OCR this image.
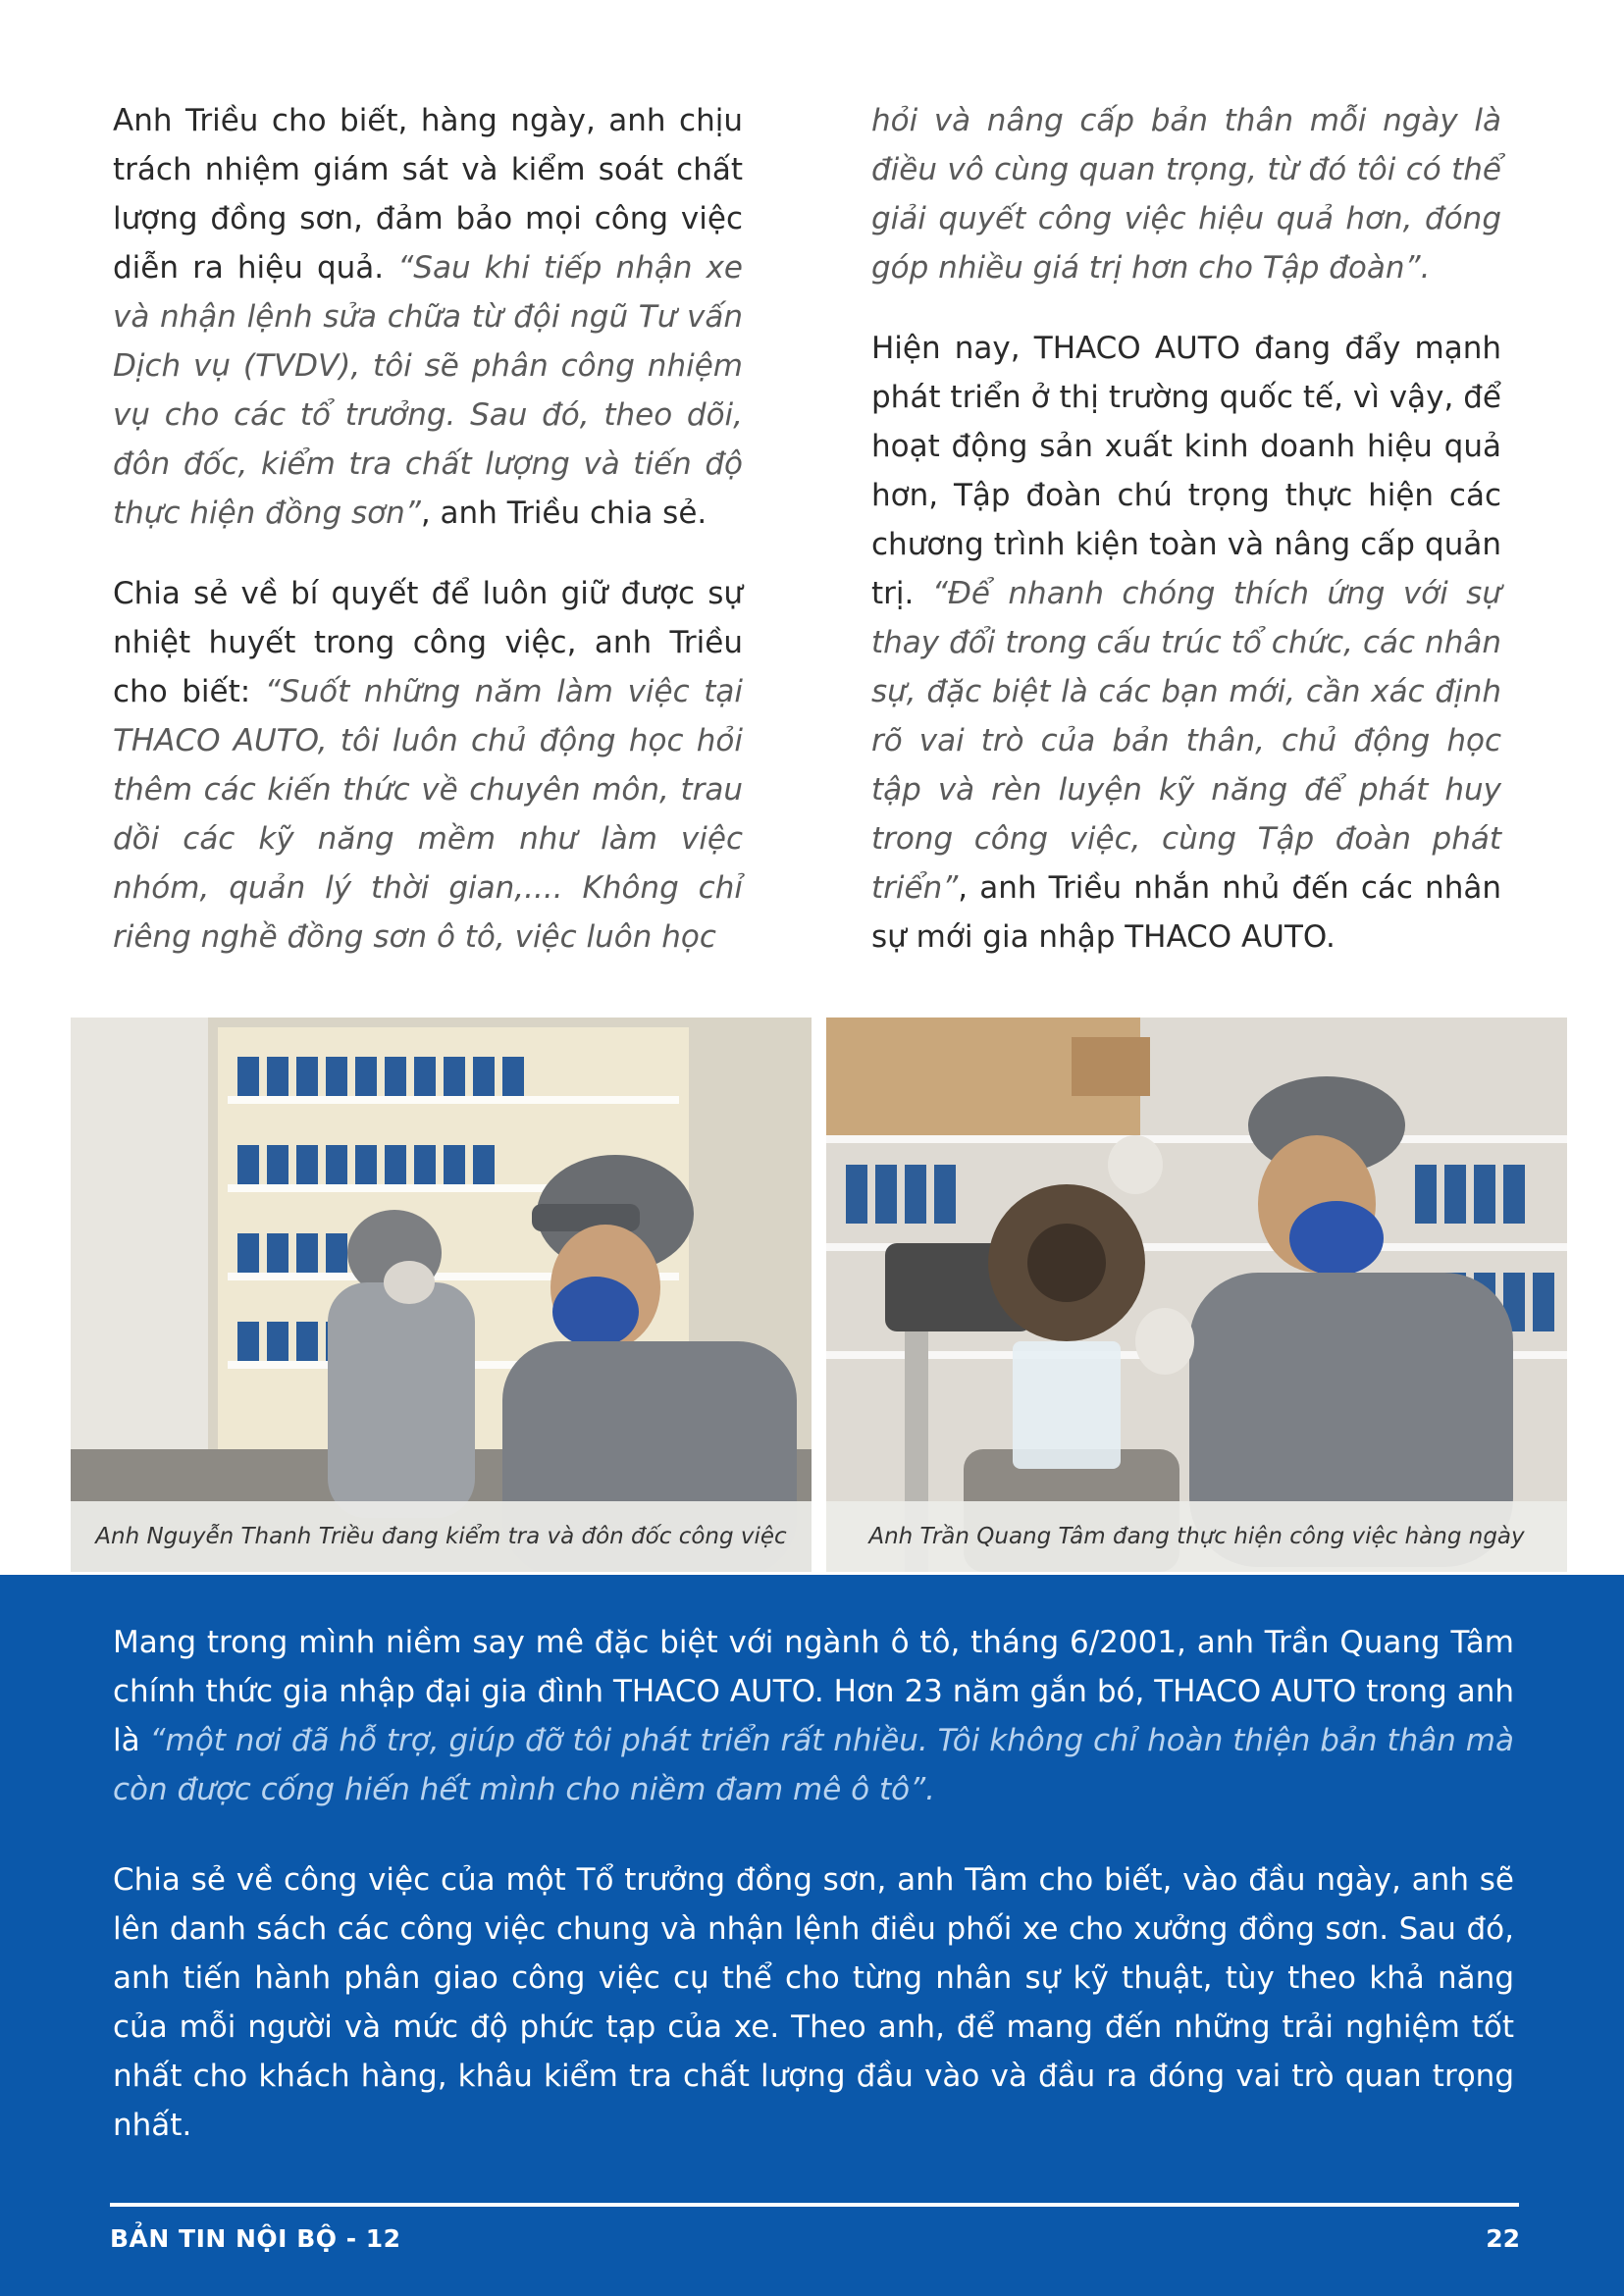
Anh Triều cho biết, hàng ngày, anh chịu trách nhiệm giám sát và kiểm soát chất lượng đồng sơn, đảm bảo mọi công việc diễn ra hiệu quả. “Sau khi tiếp nhận xe và nhận lệnh sửa chữa từ đội ngũ Tư vấn Dịch vụ (TVDV), tôi sẽ phân công nhiệm vụ cho các tổ trưởng. Sau đó, theo dõi, đôn đốc, kiểm tra chất lượng và tiến độ thực hiện đồng sơn”, anh Triều chia sẻ.

Chia sẻ về bí quyết để luôn giữ được sự nhiệt huyết trong công việc, anh Triều cho biết: “Suốt những năm làm việc tại THACO AUTO, tôi luôn chủ động học hỏi thêm các kiến thức về chuyên môn, trau dồi các kỹ năng mềm như làm việc nhóm, quản lý thời gian,.... Không chỉ riêng nghề đồng sơn ô tô, việc luôn học

hỏi và nâng cấp bản thân mỗi ngày là điều vô cùng quan trọng, từ đó tôi có thể giải quyết công việc hiệu quả hơn, đóng góp nhiều giá trị hơn cho Tập đoàn”.

Hiện nay, THACO AUTO đang đẩy mạnh phát triển ở thị trường quốc tế, vì vậy, để hoạt động sản xuất kinh doanh hiệu quả hơn, Tập đoàn chú trọng thực hiện các chương trình kiện toàn và nâng cấp quản trị. “Để nhanh chóng thích ứng với sự thay đổi trong cấu trúc tổ chức, các nhân sự, đặc biệt là các bạn mới, cần xác định rõ vai trò của bản thân, chủ động học tập và rèn luyện kỹ năng để phát huy trong công việc, cùng Tập đoàn phát triển”, anh Triều nhắn nhủ đến các nhân sự mới gia nhập THACO AUTO.

Anh Nguyễn Thanh Triều đang kiểm tra và đôn đốc công việc	Anh Trần Quang Tâm đang thực hiện công việc hàng ngày

Mang trong mình niềm say mê đặc biệt với ngành ô tô, tháng 6/2001, anh Trần Quang Tâm chính thức gia nhập đại gia đình THACO AUTO. Hơn 23 năm gắn bó, THACO AUTO trong anh là “một nơi đã hỗ trợ, giúp đỡ tôi phát triển rất nhiều. Tôi không chỉ hoàn thiện bản thân mà còn được cống hiến hết mình cho niềm đam mê ô tô”.

Chia sẻ về công việc của một Tổ trưởng đồng sơn, anh Tâm cho biết, vào đầu ngày, anh sẽ lên danh sách các công việc chung và nhận lệnh điều phối xe cho xưởng đồng sơn. Sau đó, anh tiến hành phân giao công việc cụ thể cho từng nhân sự kỹ thuật, tùy theo khả năng của mỗi người và mức độ phức tạp của xe. Theo anh, để mang đến những trải nghiệm tốt nhất cho khách hàng, khâu kiểm tra chất lượng đầu vào và đầu ra đóng vai trò quan trọng nhất.

BẢN TIN NỘI BỘ - 12	22
